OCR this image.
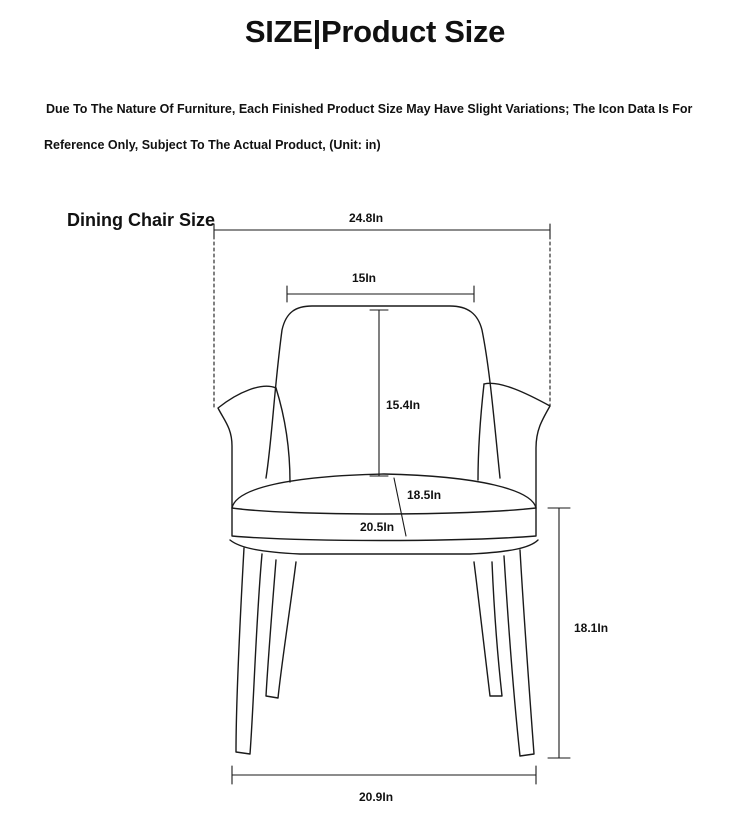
SIZE|Product Size
Due To The Nature Of Furniture, Each Finished Product Size May Have Slight Variations; The Icon Data Is For
Reference Only, Subject To The Actual Product, (Unit: in)
Dining Chair Size	24.8In
15In
15.4In
18.5In
20.5In
18.1In
20.9In
